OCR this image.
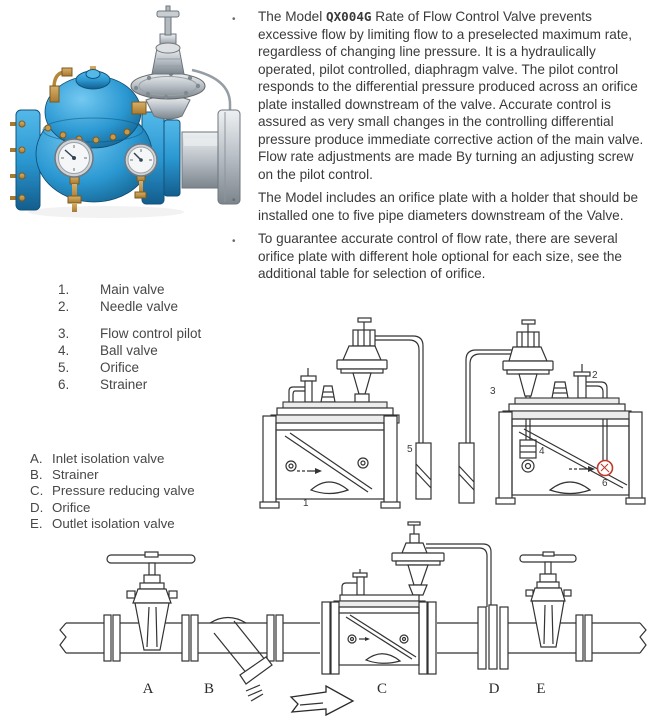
•	The Model QX004G Rate of Flow Control Valve prevents excessive flow by limiting flow to a preselected maximum rate, regardless of changing line pressure. It is a hydraulically operated, pilot controlled, diaphragm valve. The pilot control responds to the differential pressure produced across an orifice plate installed downstream of the valve. Accurate control is assured as very small changes in the controlling differential pressure produce immediate corrective action of the main valve. Flow rate adjustments are made By turning an adjusting screw on the pilot control.
•	The Model includes an orifice plate with a holder that should be installed one to five pipe diameters downstream of the Valve.
•	To guarantee accurate control of flow rate, there are several orifice plate with different hole optional for each size, see the additional table for selection of orifice.
1.	Main valve
2.	Needle valve
3.	Flow control pilot
4.	Ball valve
5.	Orifice
6.	Strainer
A. Inlet isolation valve
B. Strainer
C. Pressure reducing valve
D. Orifice
E. Outlet isolation valve
5
1
3
4
2
6
A	B	C	D E
